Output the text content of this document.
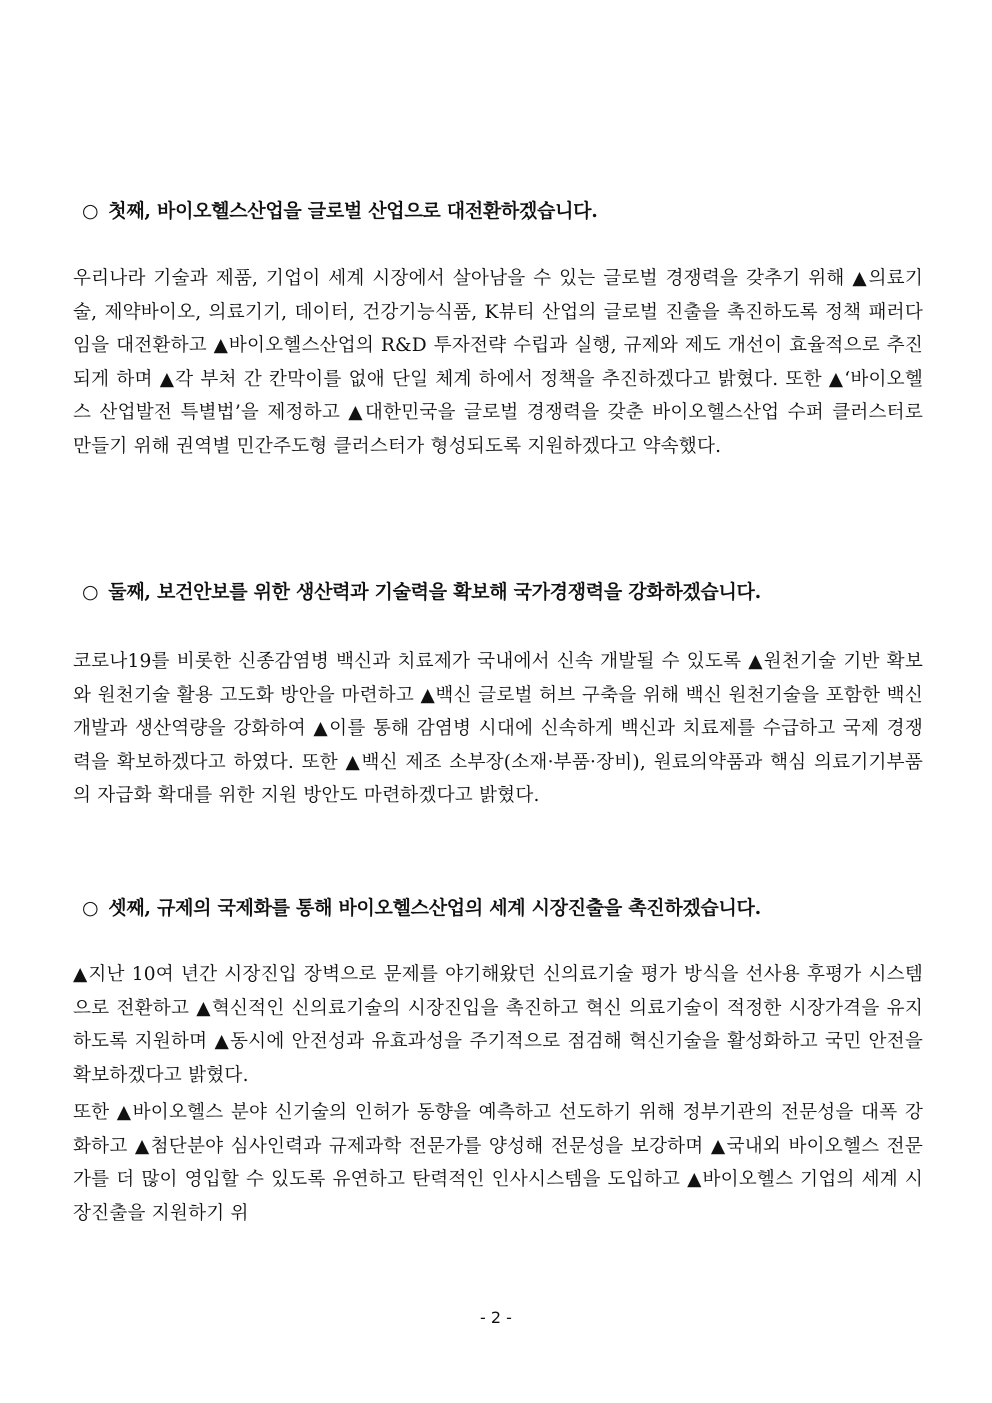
○ 첫째, 바이오헬스산업을 글로벌 산업으로 대전환하겠습니다.
우리나라 기술과 제품, 기업이 세계 시장에서 살아남을 수 있는 글로벌 경쟁력을 갖추기 위해 ▲의료기술, 제약바이오, 의료기기, 데이터, 건강기능식품, K뷰티 산업의 글로벌 진출을 촉진하도록 정책 패러다임을 대전환하고 ▲바이오헬스산업의 R&D 투자전략 수립과 실행, 규제와 제도 개선이 효율적으로 추진되게 하며 ▲각 부처 간 칸막이를 없애 단일 체계 하에서 정책을 추진하겠다고 밝혔다. 또한 ▲‘바이오헬스 산업발전 특별법’을 제정하고 ▲대한민국을 글로벌 경쟁력을 갖춘 바이오헬스산업 수퍼 클러스터로 만들기 위해 권역별 민간주도형 클러스터가 형성되도록 지원하겠다고 약속했다.
○ 둘째, 보건안보를 위한 생산력과 기술력을 확보해 국가경쟁력을 강화하겠습니다.
코로나19를 비롯한 신종감염병 백신과 치료제가 국내에서 신속 개발될 수 있도록 ▲원천기술 기반 확보와 원천기술 활용 고도화 방안을 마련하고 ▲백신 글로벌 허브 구축을 위해 백신 원천기술을 포함한 백신 개발과 생산역량을 강화하여 ▲이를 통해 감염병 시대에 신속하게 백신과 치료제를 수급하고 국제 경쟁력을 확보하겠다고 하였다. 또한 ▲백신 제조 소부장(소재·부품·장비), 원료의약품과 핵심 의료기기부품의 자급화 확대를 위한 지원 방안도 마련하겠다고 밝혔다.
○ 셋째, 규제의 국제화를 통해 바이오헬스산업의 세계 시장진출을 촉진하겠습니다.
▲지난 10여 년간 시장진입 장벽으로 문제를 야기해왔던 신의료기술 평가 방식을 선사용 후평가 시스템으로 전환하고 ▲혁신적인 신의료기술의 시장진입을 촉진하고 혁신 의료기술이 적정한 시장가격을 유지하도록 지원하며 ▲동시에 안전성과 유효과성을 주기적으로 점검해 혁신기술을 활성화하고 국민 안전을 확보하겠다고 밝혔다.
또한 ▲바이오헬스 분야 신기술의 인허가 동향을 예측하고 선도하기 위해 정부기관의 전문성을 대폭 강화하고 ▲첨단분야 심사인력과 규제과학 전문가를 양성해 전문성을 보강하며 ▲국내외 바이오헬스 전문가를 더 많이 영입할 수 있도록 유연하고 탄력적인 인사시스템을 도입하고 ▲바이오헬스 기업의 세계 시장진출을 지원하기 위
- 2 -
